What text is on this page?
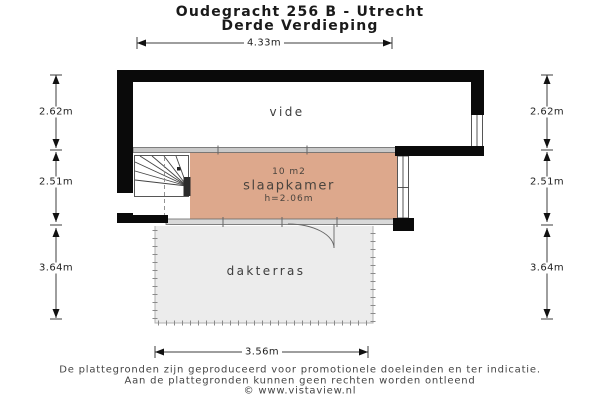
Oudegracht 256 B - Utrecht
Derde Verdieping
vide
10 m2
slaapkamer
h=2.06m
dakterras
4.33m
3.56m
2.62m
2.51m
3.64m
2.62m
2.51m
3.64m
De plattegronden zijn geproduceerd voor promotionele doeleinden en ter indicatie.
Aan de plattegronden kunnen geen rechten worden ontleend
© www.vistaview.nl
